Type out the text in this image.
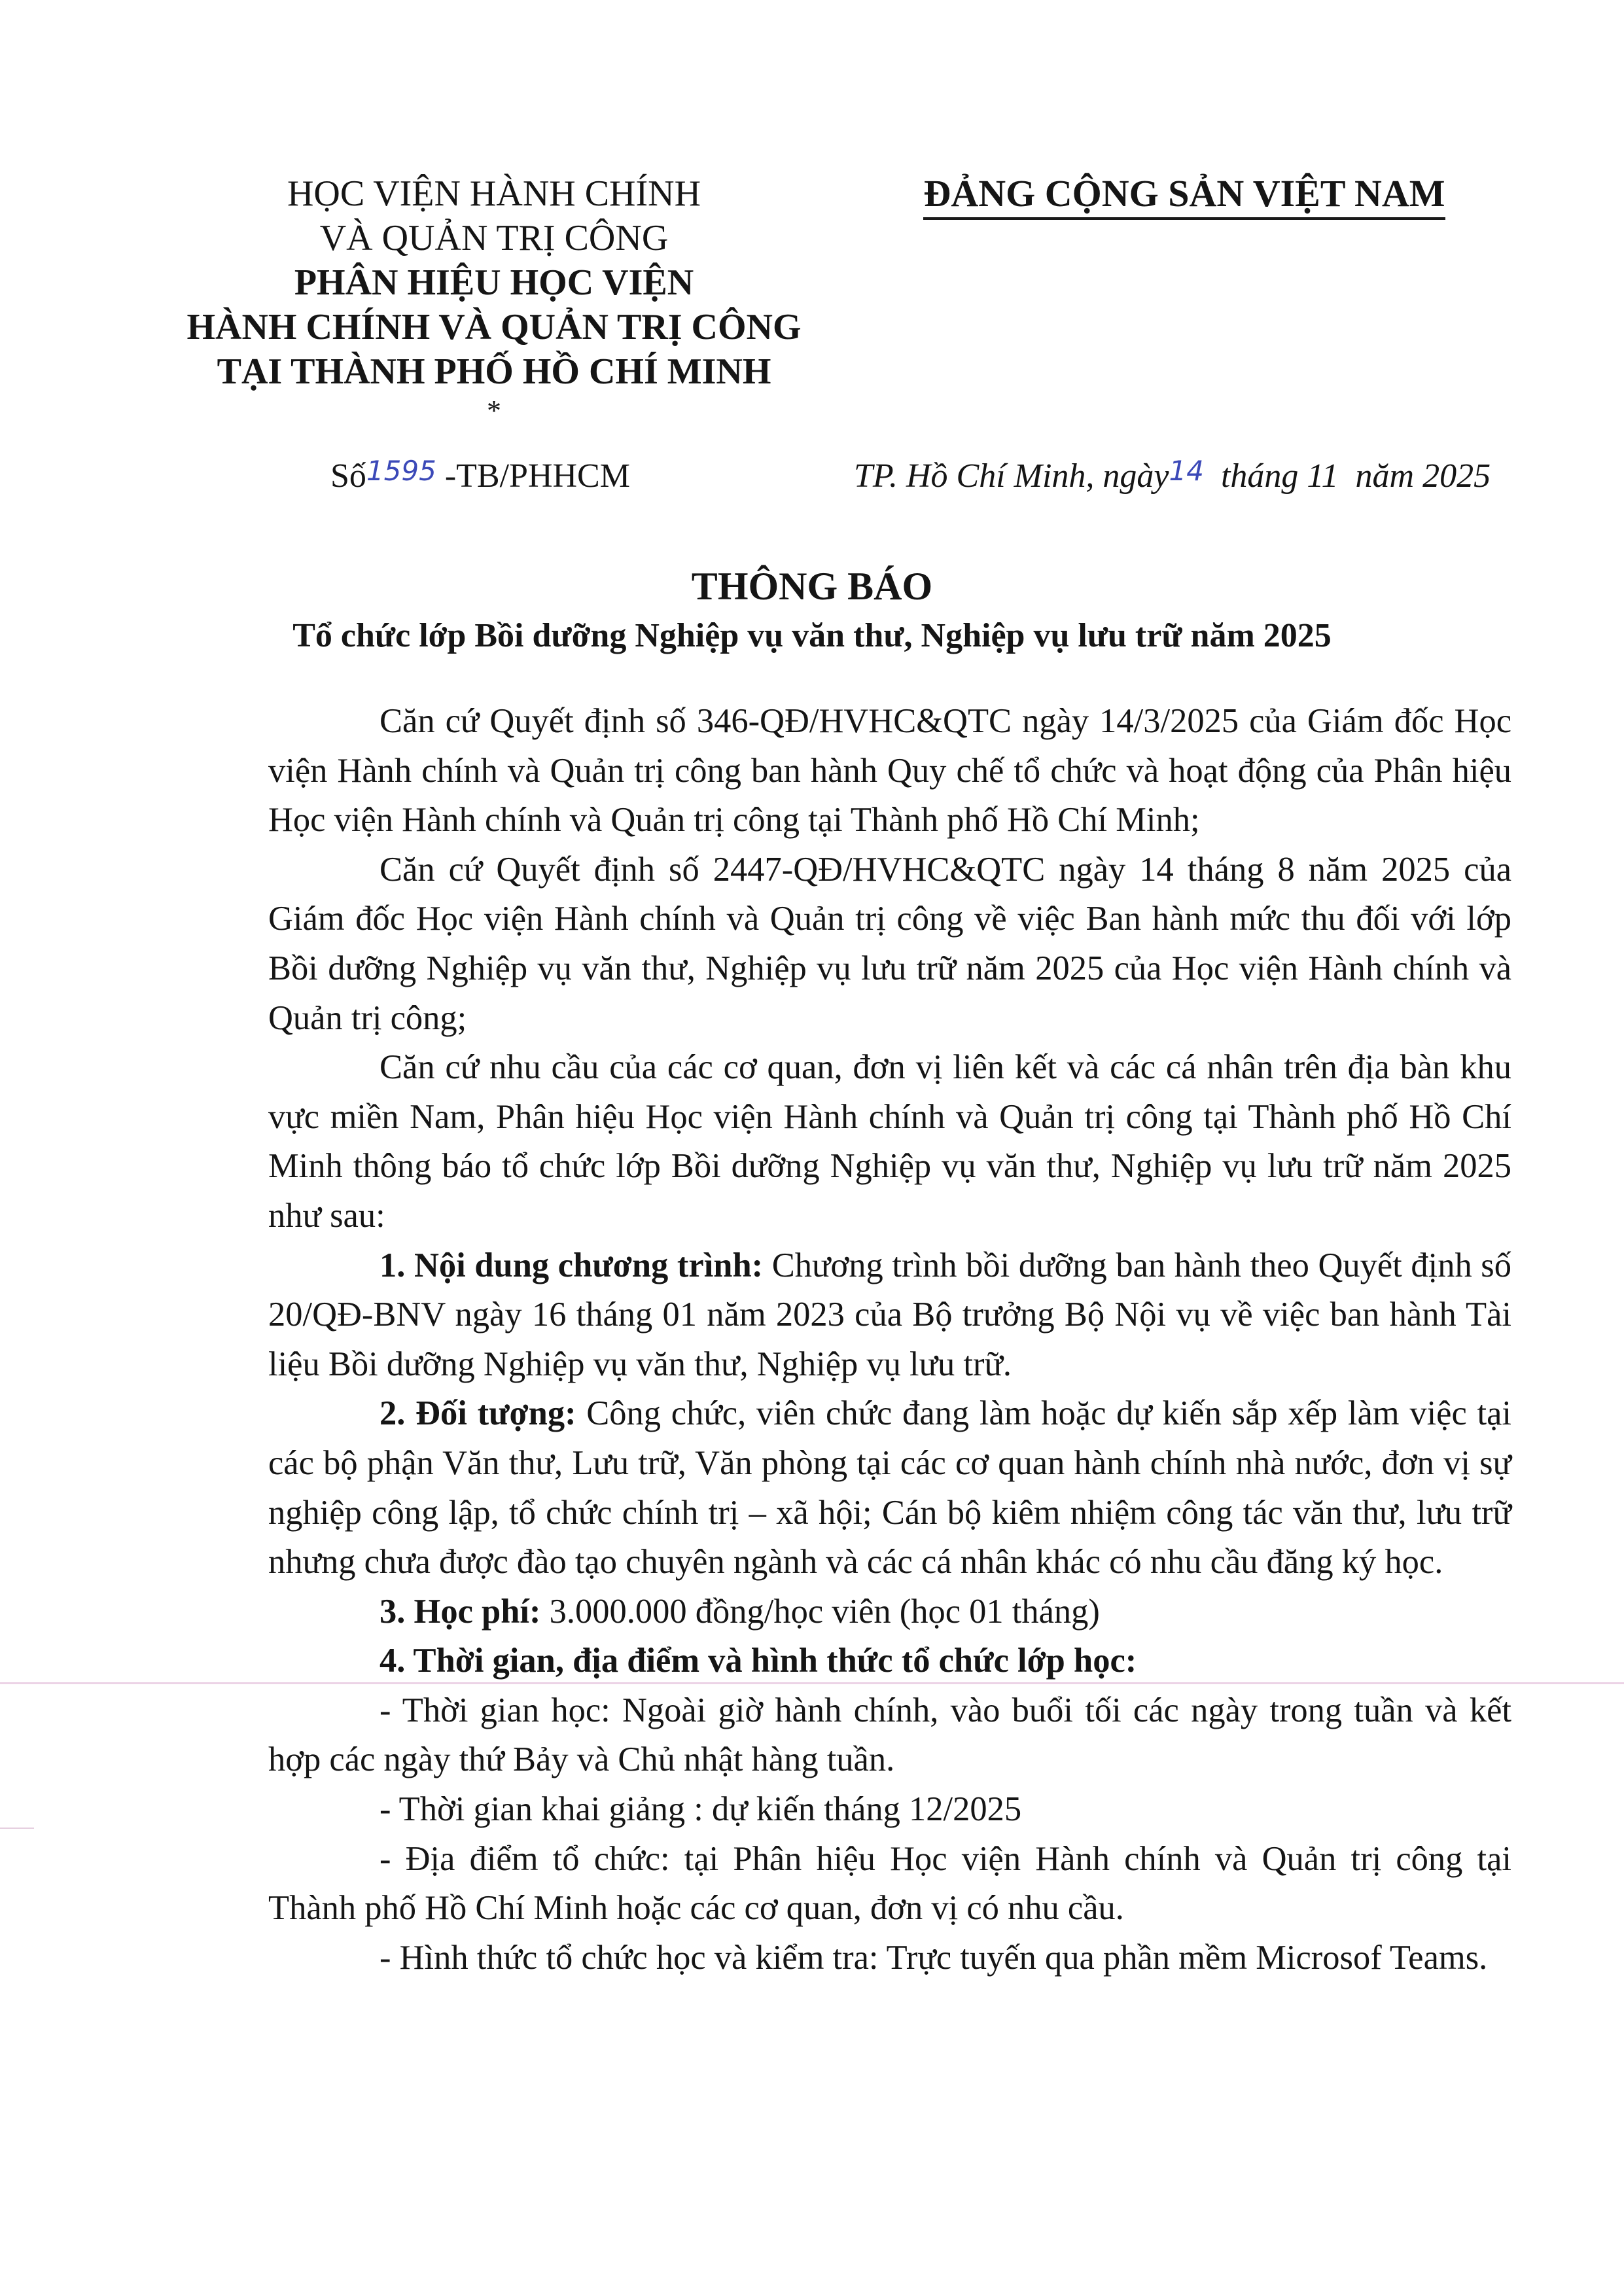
HỌC VIỆN HÀNH CHÍNH
VÀ QUẢN TRỊ CÔNG
PHÂN HIỆU HỌC VIỆN
HÀNH CHÍNH VÀ QUẢN TRỊ CÔNG
TẠI THÀNH PHỐ HỒ CHÍ MINH
*
ĐẢNG CỘNG SẢN VIỆT NAM
Số1595 -TB/PHHCM	TP. Hồ Chí Minh, ngày14  tháng 11  năm 2025
THÔNG BÁO
Tổ chức lớp Bồi dưỡng Nghiệp vụ văn thư, Nghiệp vụ lưu trữ năm 2025

Căn cứ Quyết định số 346-QĐ/HVHC&QTC ngày 14/3/2025 của Giám đốc Học viện Hành chính và Quản trị công ban hành Quy chế tổ chức và hoạt động của Phân hiệu Học viện Hành chính và Quản trị công tại Thành phố Hồ Chí Minh;

Căn cứ Quyết định số 2447-QĐ/HVHC&QTC ngày 14 tháng 8 năm 2025 của Giám đốc Học viện Hành chính và Quản trị công về việc Ban hành mức thu đối với lớp Bồi dưỡng Nghiệp vụ văn thư, Nghiệp vụ lưu trữ năm 2025 của Học viện Hành chính và Quản trị công;

Căn cứ nhu cầu của các cơ quan, đơn vị liên kết và các cá nhân trên địa bàn khu vực miền Nam, Phân hiệu Học viện Hành chính và Quản trị công tại Thành phố Hồ Chí Minh thông báo tổ chức lớp Bồi dưỡng Nghiệp vụ văn thư, Nghiệp vụ lưu trữ năm 2025 như sau:

1. Nội dung chương trình: Chương trình bồi dưỡng ban hành theo Quyết định số 20/QĐ-BNV ngày 16 tháng 01 năm 2023 của Bộ trưởng Bộ Nội vụ về việc ban hành Tài liệu Bồi dưỡng Nghiệp vụ văn thư, Nghiệp vụ lưu trữ.

2. Đối tượng: Công chức, viên chức đang làm hoặc dự kiến sắp xếp làm việc tại các bộ phận Văn thư, Lưu trữ, Văn phòng tại các cơ quan hành chính nhà nước, đơn vị sự nghiệp công lập, tổ chức chính trị – xã hội; Cán bộ kiêm nhiệm công tác văn thư, lưu trữ nhưng chưa được đào tạo chuyên ngành và các cá nhân khác có nhu cầu đăng ký học.

3. Học phí: 3.000.000 đồng/học viên (học 01 tháng)

4. Thời gian, địa điểm và hình thức tổ chức lớp học:

- Thời gian học: Ngoài giờ hành chính, vào buổi tối các ngày trong tuần và kết hợp các ngày thứ Bảy và Chủ nhật hàng tuần.

- Thời gian khai giảng : dự kiến tháng 12/2025

- Địa điểm tổ chức: tại Phân hiệu Học viện Hành chính và Quản trị công tại Thành phố Hồ Chí Minh hoặc các cơ quan, đơn vị có nhu cầu.

- Hình thức tổ chức học và kiểm tra: Trực tuyến qua phần mềm Microsof Teams.
